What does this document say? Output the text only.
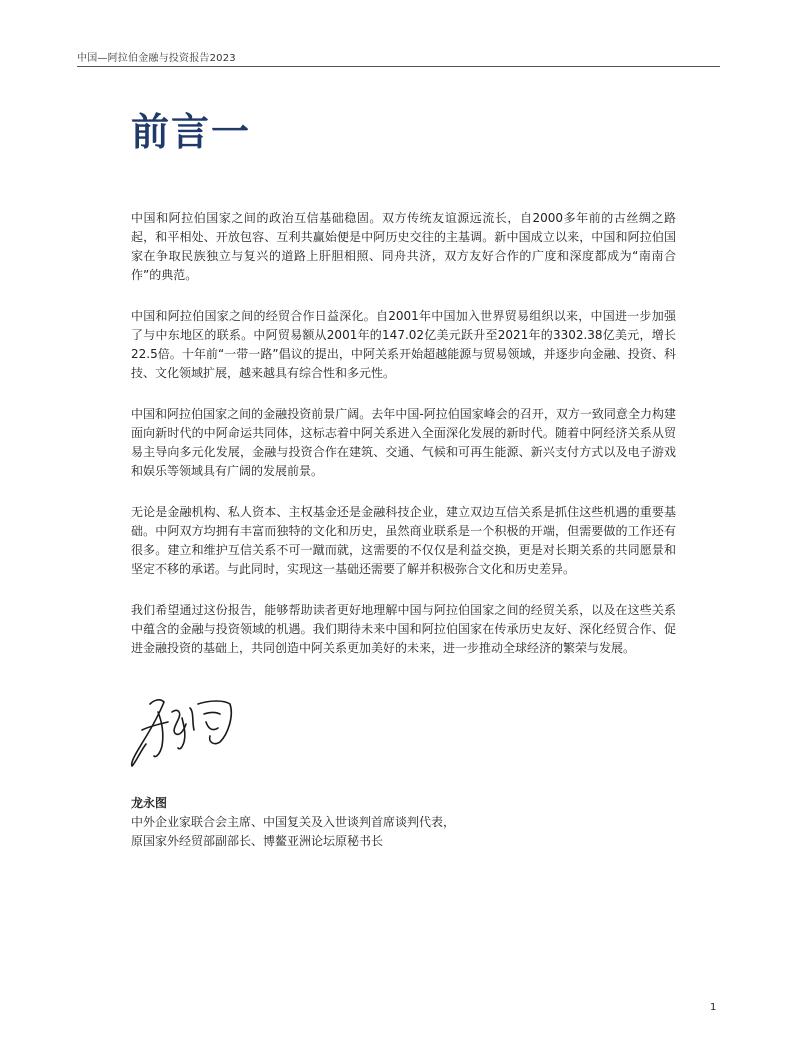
中国—阿拉伯金融与投资报告2023
前言一

中国和阿拉伯国家之间的政治互信基础稳固。双方传统友谊源远流长，自2000多年前的古丝绸之路起，和平相处、开放包容、互利共赢始便是中阿历史交往的主基调。新中国成立以来，中国和阿拉伯国家在争取民族独立与复兴的道路上肝胆相照、同舟共济，双方友好合作的广度和深度都成为“南南合作”的典范。

中国和阿拉伯国家之间的经贸合作日益深化。自2001年中国加入世界贸易组织以来，中国进一步加强了与中东地区的联系。中阿贸易额从2001年的147.02亿美元跃升至2021年的3302.38亿美元，增长22.5倍。十年前“一带一路”倡议的提出，中阿关系开始超越能源与贸易领域，并逐步向金融、投资、科技、文化领域扩展，越来越具有综合性和多元性。

中国和阿拉伯国家之间的金融投资前景广阔。去年中国-阿拉伯国家峰会的召开，双方一致同意全力构建面向新时代的中阿命运共同体，这标志着中阿关系进入全面深化发展的新时代。随着中阿经济关系从贸易主导向多元化发展，金融与投资合作在建筑、交通、气候和可再生能源、新兴支付方式以及电子游戏和娱乐等领域具有广阔的发展前景。

无论是金融机构、私人资本、主权基金还是金融科技企业，建立双边互信关系是抓住这些机遇的重要基础。中阿双方均拥有丰富而独特的文化和历史，虽然商业联系是一个积极的开端，但需要做的工作还有很多。建立和维护互信关系不可一蹴而就，这需要的不仅仅是利益交换，更是对长期关系的共同愿景和坚定不移的承诺。与此同时，实现这一基础还需要了解并积极弥合文化和历史差异。

我们希望通过这份报告，能够帮助读者更好地理解中国与阿拉伯国家之间的经贸关系，以及在这些关系中蕴含的金融与投资领域的机遇。我们期待未来中国和阿拉伯国家在传承历史友好、深化经贸合作、促进金融投资的基础上，共同创造中阿关系更加美好的未来，进一步推动全球经济的繁荣与发展。

龙永图
中外企业家联合会主席、中国复关及入世谈判首席谈判代表，
原国家外经贸部副部长、博鳌亚洲论坛原秘书长
1
